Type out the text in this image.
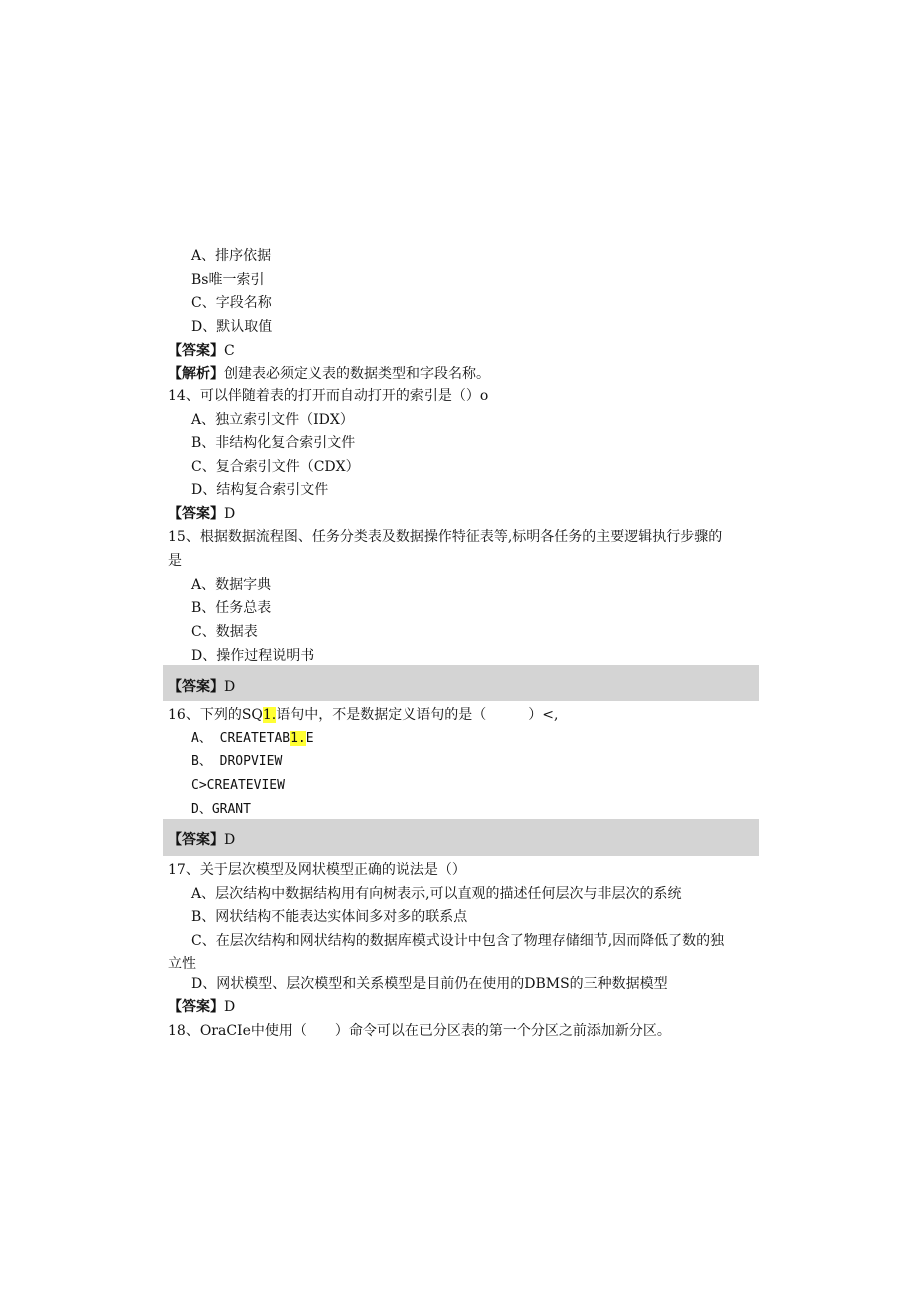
A、排序依据
Bs唯一索引
C、字段名称
D、默认取值
【答案】C
【解析】创建表必须定义表的数据类型和字段名称。
14、可以伴随着表的打开而自动打开的索引是（）o
A、独立索引文件（IDX）
B、非结构化复合索引文件
C、复合索引文件（CDX）
D、结构复合索引文件
【答案】D
15、根据数据流程图、任务分类表及数据操作特征表等,标明各任务的主要逻辑执行步骤的
是
A、数据字典
B、任务总表
C、数据表
D、操作过程说明书
【答案】D
16、下列的SQ1.语句中，不是数据定义语句的是（　　　）<,
A、 CREATETAB1.E
B、 DROPVIEW
C>CREATEVIEW
D、GRANT
【答案】D
17、关于层次模型及网状模型正确的说法是（）
A、层次结构中数据结构用有向树表示,可以直观的描述任何层次与非层次的系统
B、网状结构不能表达实体间多对多的联系点
C、在层次结构和网状结构的数据库模式设计中包含了物理存储细节,因而降低了数的独
立性
D、网状模型、层次模型和关系模型是目前仍在使用的DBMS的三种数据模型
【答案】D
18、OraCIe中使用（　　）命令可以在已分区表的第一个分区之前添加新分区。
